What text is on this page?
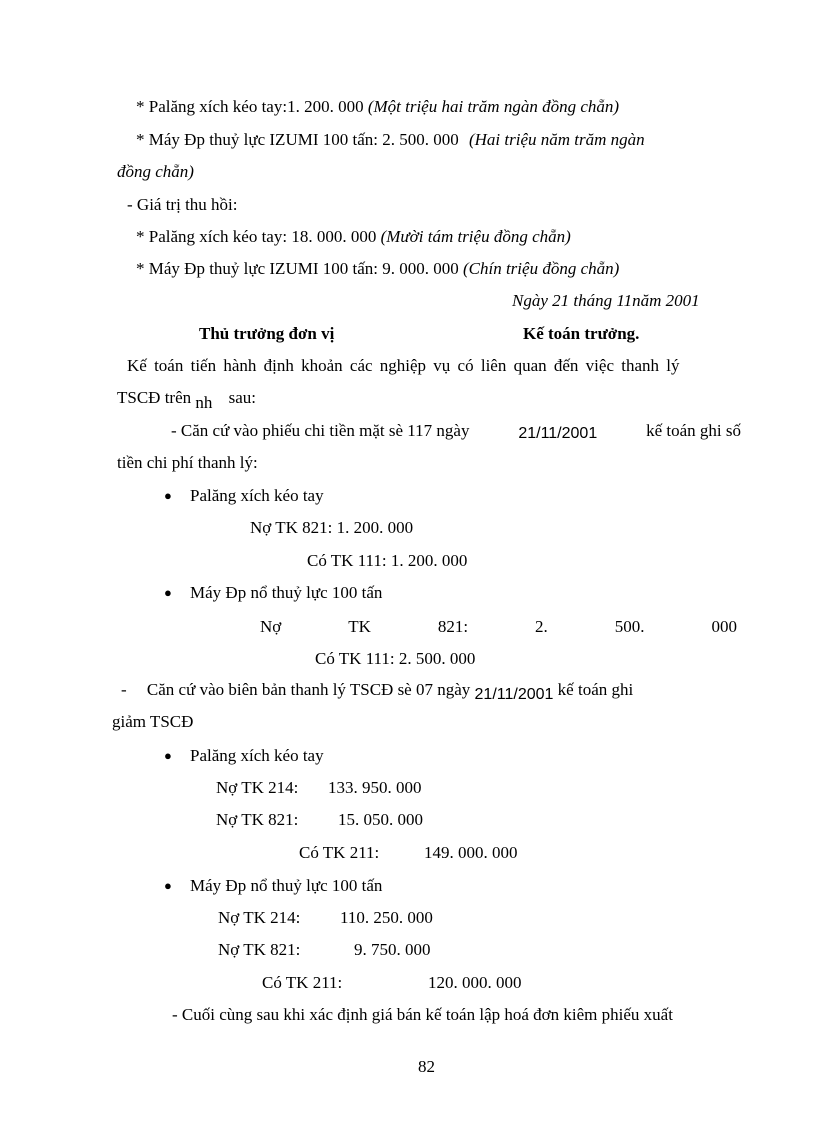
* Palăng xích kéo tay:1. 200. 000 (Một triệu hai trăm ngàn đồng chẵn)
* Máy Đp thuỷ lực IZUMI 100 tấn: 2. 500. 000 (Hai triệu năm trăm ngàn
đồng chẵn)
- Giá trị thu hồi:
* Palăng xích kéo tay: 18. 000. 000 (Mười tám triệu đồng chẵn)
* Máy Đp thuỷ lực IZUMI 100 tấn: 9. 000. 000 (Chín triệu đồng chẵn)
Ngày 21 tháng 11năm 2001
Thủ trưởng đơn vị	Kế toán trưởng.
Kế toán tiến hành định khoản các nghiệp vụ có liên quan đến việc thanh lý
TSCĐ trên nh sau:
- Căn cứ vào phiếu chi tiền mặt sè 117 ngày	21/11/2001	kế toán ghi số
tiền chi phí thanh lý:
● Palăng xích kéo tay
Nợ TK 821: 1. 200. 000
Có TK 111: 1. 200. 000
● Máy Đp nổ thuỷ lực 100 tấn
Nợ	TK	821:	2.	500.	000
Có TK 111: 2. 500. 000
- Căn cứ vào biên bản thanh lý TSCĐ sè 07 ngày 21/11/2001 kế toán ghi
giảm TSCĐ
● Palăng xích kéo tay
Nợ TK 214: 133. 950. 000
Nợ TK 821: 15. 050. 000
Có TK 211:	149. 000. 000
● Máy Đp nổ thuỷ lực 100 tấn
Nợ TK 214: 110. 250. 000
Nợ TK 821:	9. 750. 000
Có TK 211:	120. 000. 000
- Cuối cùng sau khi xác định giá bán kế toán lập hoá đơn kiêm phiếu xuất
82
